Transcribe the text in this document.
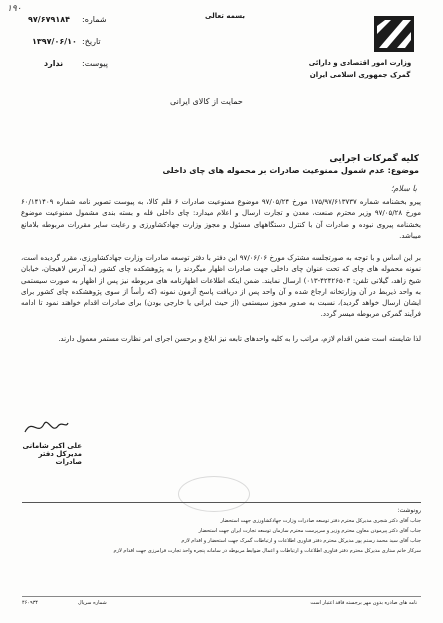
۱۹۰
وزارت امور اقتصادی و دارائی
گمرک جمهوری اسلامی ایران
بسمه تعالی
شماره:
۹۷/۶۷۹۱۸۴
تاریخ:
۱۳۹۷/۰۶/۱۰
پیوست:
ندارد
حمایت از کالای ایرانی
کلیه گمرکات اجرایی
موضوع: عدم شمول ممنوعیت صادرات بر محموله های چای داخلی
با سلام؛
پیرو بخشنامه شماره ۱۷۵/۹۷/۶۱۳۷۳۷ مورخ ۹۷/۰۵/۲۴ موضوع ممنوعیت صادرات ۶ قلم کالا، به پیوست تصویر نامه شماره ۶۰/۱۴۱۴۰۹ مورخ ۹۷/۰۵/۲۸ وزیر محترم صنعت، معدن و تجارت ارسال و اعلام میدارد: چای داخلی فله و بسته بندی مشمول ممنوعیت موضوع بخشنامه پیروی نبوده و صادرات آن با کنترل دستگاههای مسئول و مجوز وزارت جهادکشاورزی و رعایت سایر مقررات مربوطه بلامانع میباشد.
بر این اساس و با توجه به صورتجلسه مشترک مورخ ۹۷/۰۶/۰۶ این دفتر با دفتر توسعه صادرات وزارت جهادکشاورزی، مقرر گردیده است، نمونه محموله های چای که تحت عنوان چای داخلی جهت صادرات اظهار میگردند را به پژوهشکده چای کشور (به آدرس لاهیجان، خیابان شیخ زاهد، گیلانی تلفن: ۴۲۴۲۶۵۰۳-۰۱۳) ارسال نمایند. ضمن اینکه اطلاعات اظهارنامه های مربوطه نیز پس از اظهار به صورت سیستمی به واحد ذیربط در آن وزارتخانه ارجاع شده و آن واحد پس از دریافت پاسخ آزمون نمونه (که رأساً از سوی پژوهشکده چای کشور برای ایشان ارسال خواهد گردید)، نسبت به صدور مجوز سیستمی (از حیث ایرانی یا خارجی بودن) برای صادرات اقدام خواهند نمود تا ادامه فرآیند گمرکی مربوطه میسر گردد.
لذا شایسته است ضمن اقدام لازم، مراتب را به کلیه واحدهای تابعه نیز ابلاغ و برحسن اجرای امر نظارت مستمر معمول دارند.
علی اکبر شامانی
مدیرکل دفتر صادرات
رونوشت:
جناب آقای دکتر شجری مدیرکل محترم دفتر توسعه صادرات وزارت جهادکشاورزی جهت استحضار
جناب آقای دکتر پیرموذن معاون محترم وزیر و سرپرست محترم سازمان توسعه تجارت ایران جهت استحضار
جناب آقای سید محمد رستم پور مدیرکل محترم دفتر فناوری اطلاعات و ارتباطات گمرک جهت استحضار و اقدام لازم
سرکار خانم ستاری مدیرکل محترم دفتر فناوری اطلاعات و ارتباطات و اعمال ضوابط مربوطه در سامانه پنجره واحد تجارت فرامرزی جهت اقدام لازم
۴۶۰۹۳۴	شماره سریال	نامه های صادره بدون مهر برجسته فاقد اعتبار است
